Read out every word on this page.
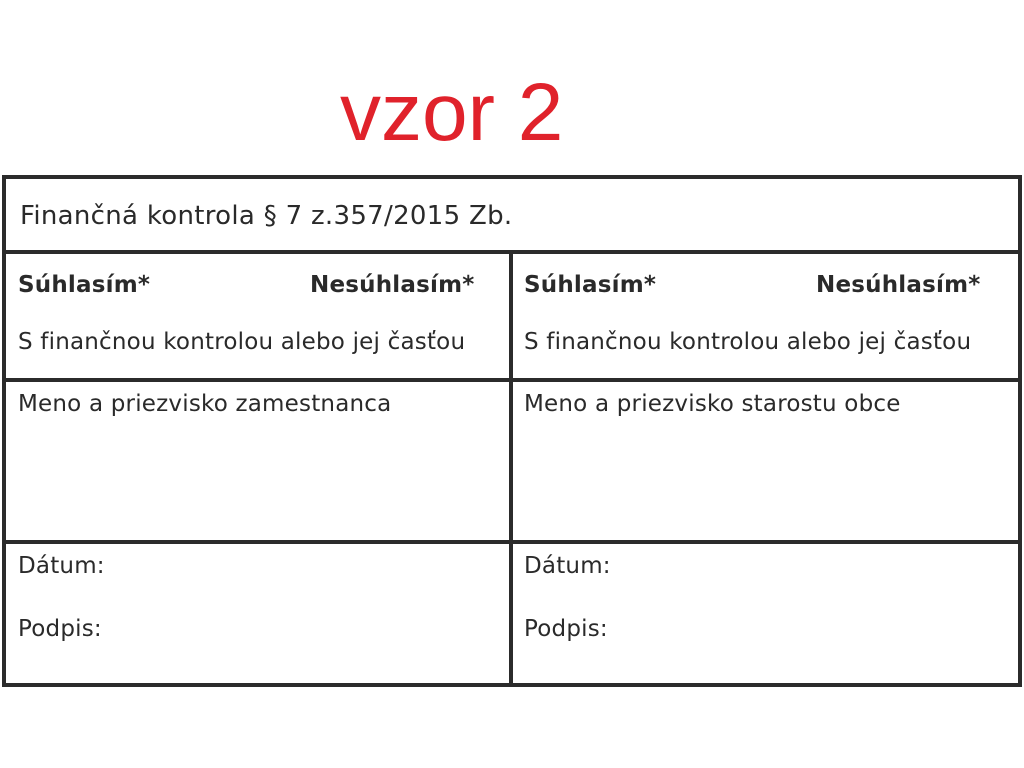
vzor 2
Finančná kontrola § 7 z.357/2015 Zb.
Súhlasím*	Nesúhlasím*
S finančnou kontrolou alebo jej časťou
Meno a priezvisko zamestnanca
Dátum:
Podpis:
Súhlasím*	Nesúhlasím*
S finančnou kontrolou alebo jej časťou
Meno a priezvisko starostu obce
Dátum:
Podpis:
